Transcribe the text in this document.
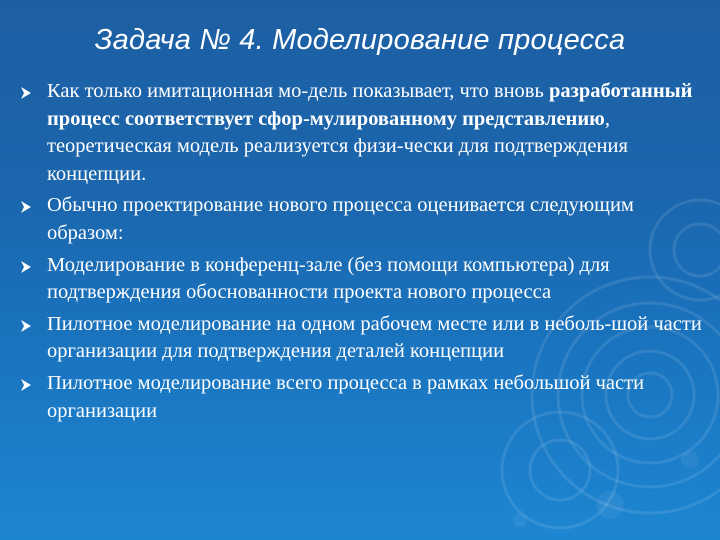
Задача № 4. Моделирование процесса
Как только имитационная мо-дель показывает, что вновь разработанный процесс соответствует сфор-мулированному представлению, теоретическая модель реализуется физи-чески для подтверждения концепции.
Обычно проектирование нового процесса оценивается следующим образом:
Моделирование в конференц-зале (без помощи компьютера) для подтверждения обоснованности проекта нового процесса
Пилотное моделирование на одном рабочем месте или в неболь-шой части организации для подтверждения деталей концепции
Пилотное моделирование всего процесса в рамках небольшой части организации
